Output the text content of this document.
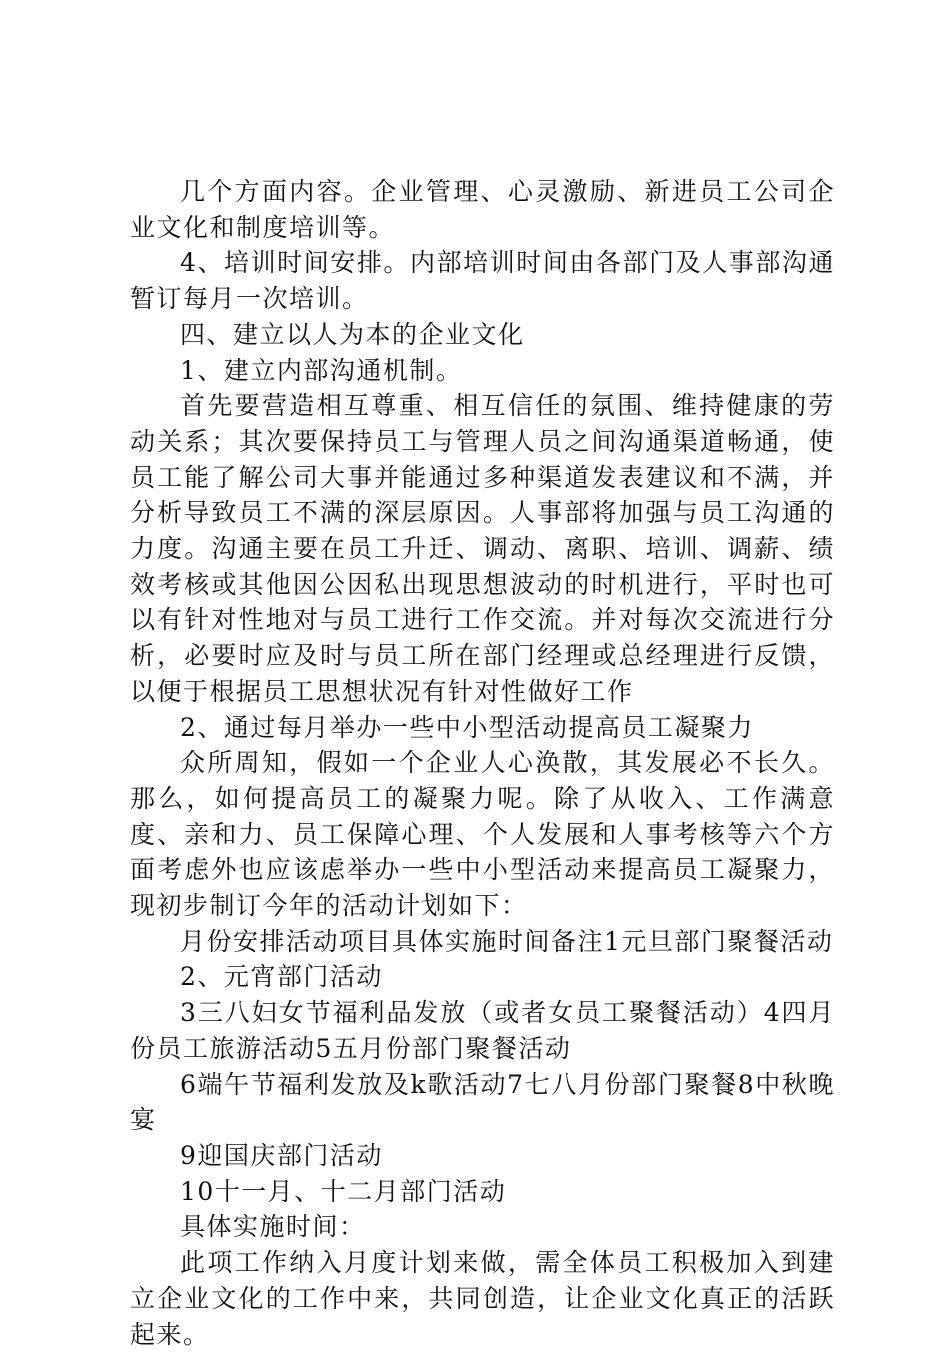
几个方面内容。企业管理、心灵激励、新进员工公司企业文化和制度培训等。

4、培训时间安排。内部培训时间由各部门及人事部沟通暂订每月一次培训。

四、建立以人为本的企业文化

1、建立内部沟通机制。

首先要营造相互尊重、相互信任的氛围、维持健康的劳动关系；其次要保持员工与管理人员之间沟通渠道畅通，使员工能了解公司大事并能通过多种渠道发表建议和不满，并分析导致员工不满的深层原因。人事部将加强与员工沟通的力度。沟通主要在员工升迁、调动、离职、培训、调薪、绩效考核或其他因公因私出现思想波动的时机进行，平时也可以有针对性地对与员工进行工作交流。并对每次交流进行分析，必要时应及时与员工所在部门经理或总经理进行反馈，以便于根据员工思想状况有针对性做好工作

2、通过每月举办一些中小型活动提高员工凝聚力

众所周知，假如一个企业人心涣散，其发展必不长久。那么，如何提高员工的凝聚力呢。除了从收入、工作满意度、亲和力、员工保障心理、个人发展和人事考核等六个方面考虑外也应该虑举办一些中小型活动来提高员工凝聚力，现初步制订今年的活动计划如下：

月份安排活动项目具体实施时间备注1元旦部门聚餐活动

2、元宵部门活动

3三八妇女节福利品发放（或者女员工聚餐活动）4四月份员工旅游活动5五月份部门聚餐活动

6端午节福利发放及k歌活动7七八月份部门聚餐8中秋晚宴

9迎国庆部门活动

10十一月、十二月部门活动

具体实施时间：

此项工作纳入月度计划来做，需全体员工积极加入到建立企业文化的工作中来，共同创造，让企业文化真正的活跃起来。
